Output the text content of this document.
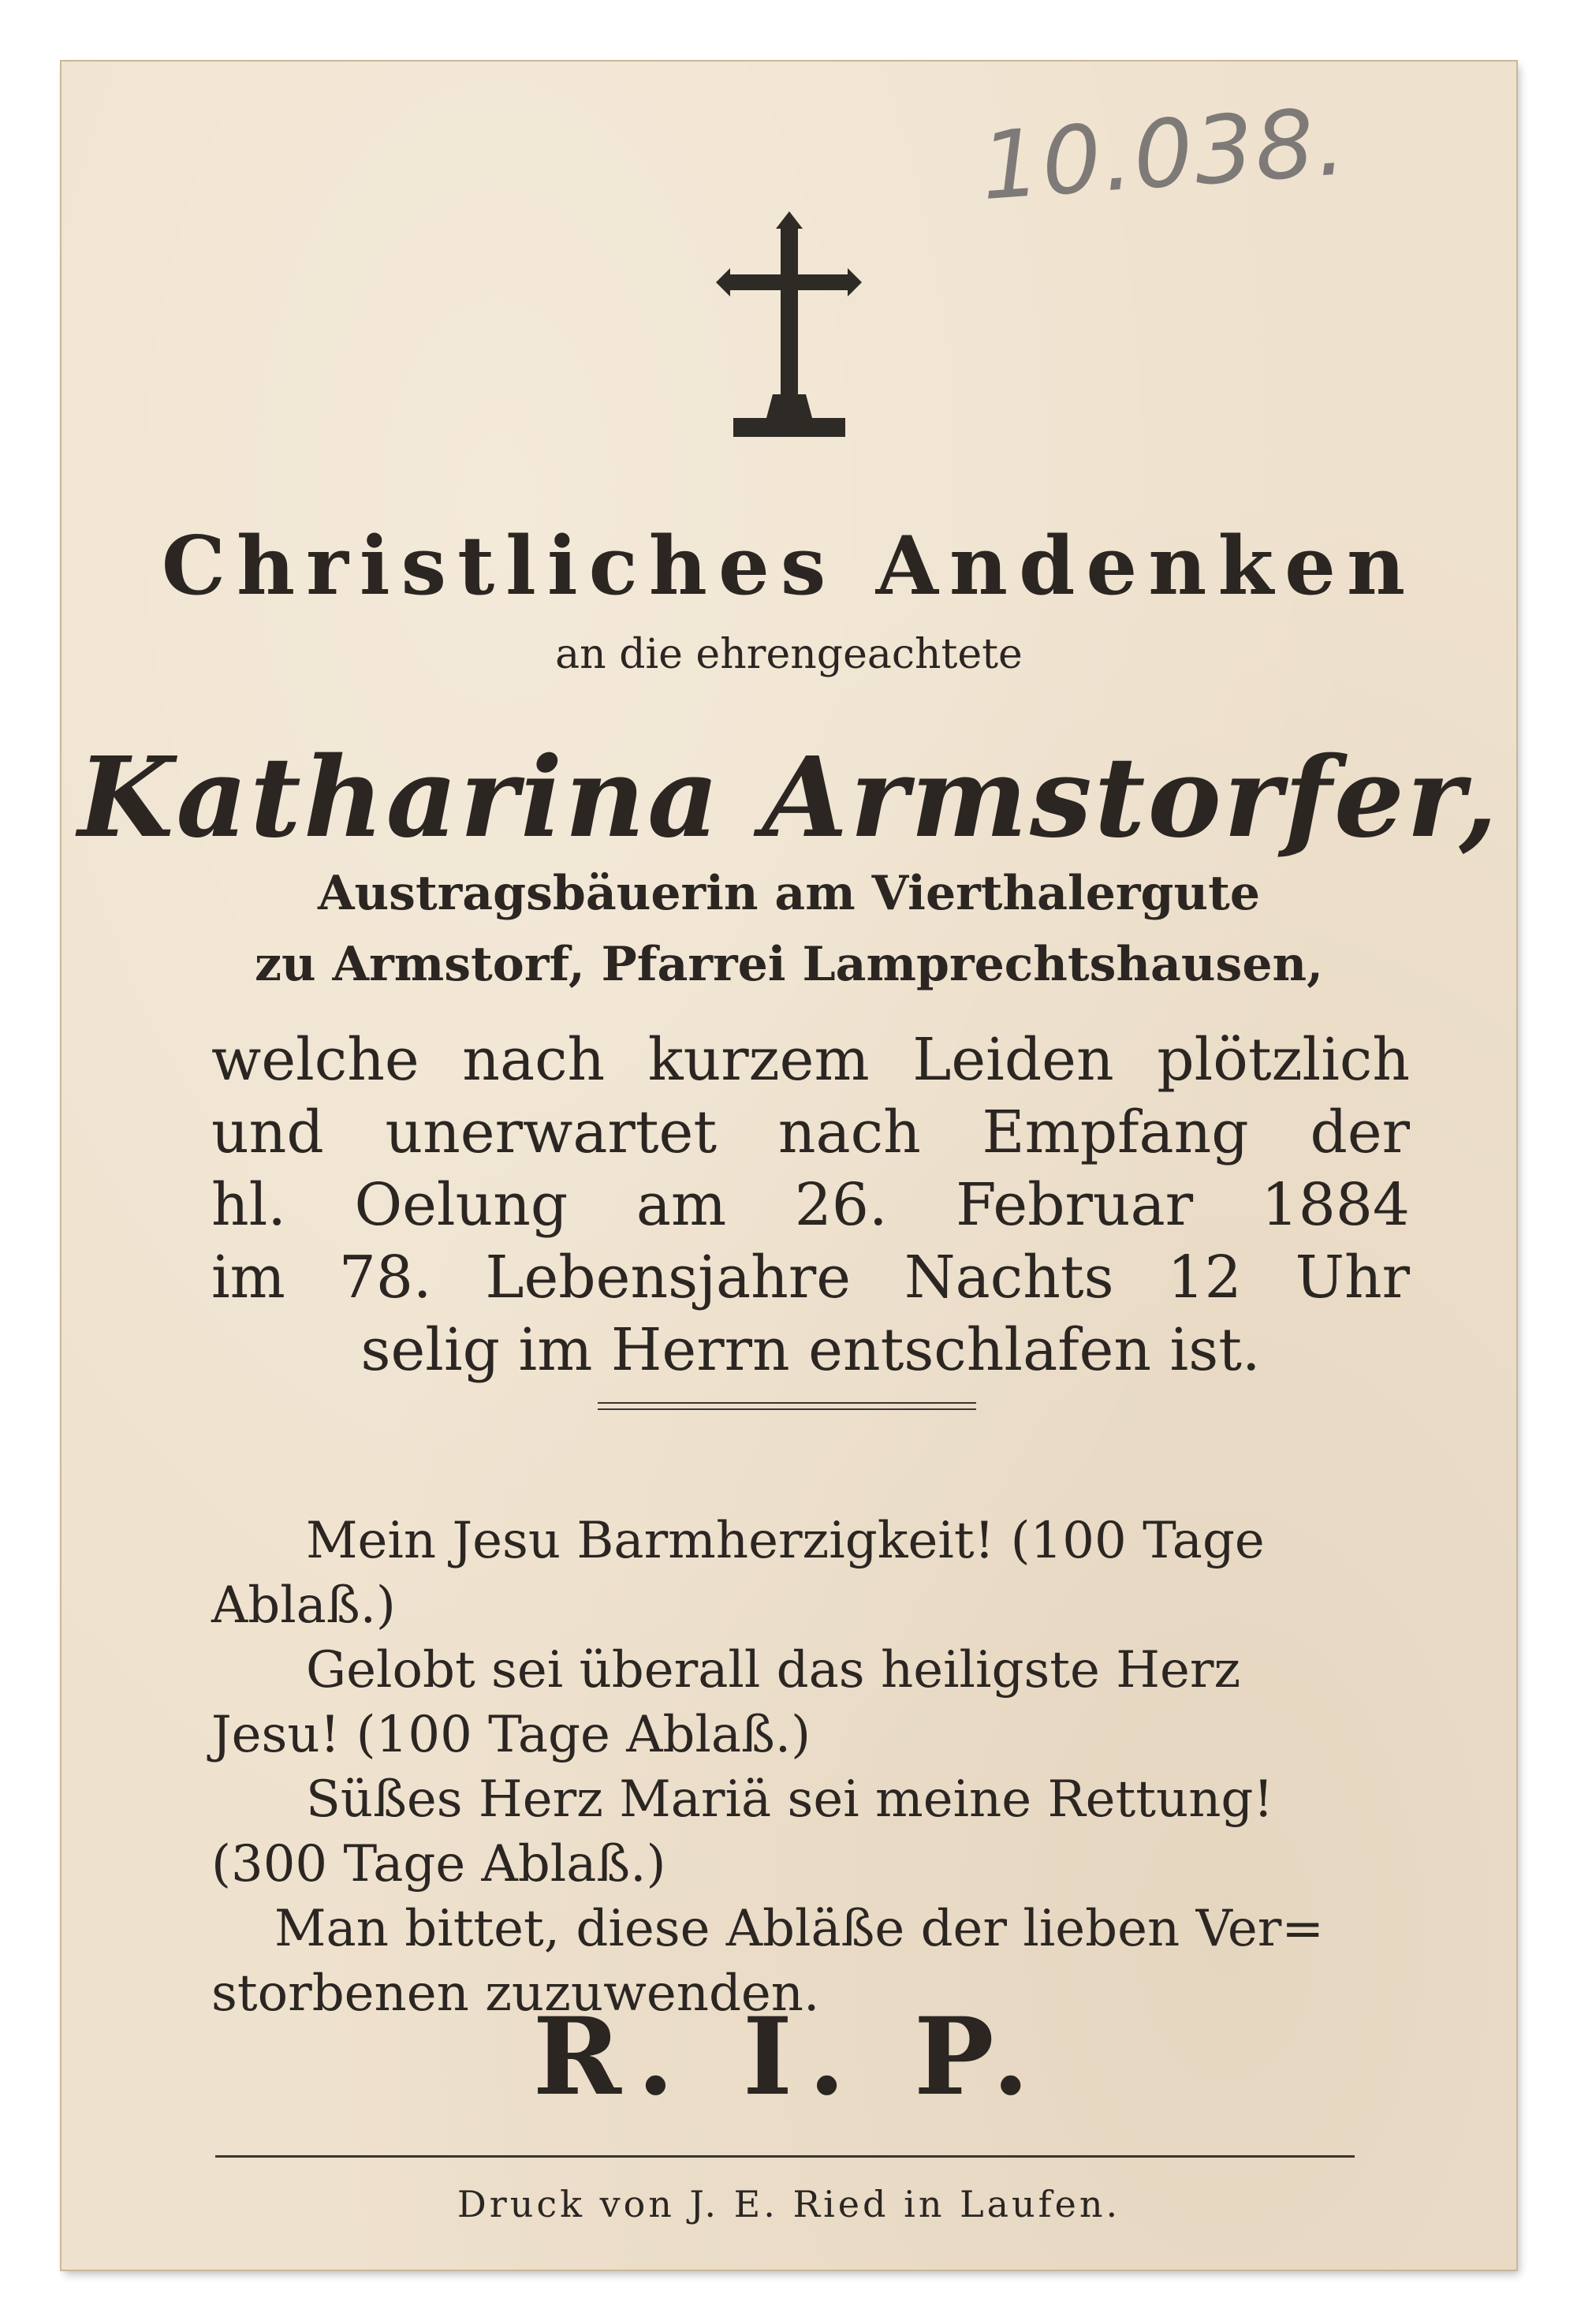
10.038.
Christliches Andenken
an die ehrengeachtete
Katharina Armstorfer,
Austragsbäuerin am Vierthalergute
zu Armstorf, Pfarrei Lamprechtshausen,
welche nach kurzem Leiden plötzlich
und unerwartet nach Empfang der
hl. Oelung am 26. Februar 1884
im 78. Lebensjahre Nachts 12 Uhr
selig im Herrn entschlafen ist.
Mein Jesu Barmherzigkeit! (100 Tage
Ablaß.)
Gelobt sei überall das heiligste Herz
Jesu! (100 Tage Ablaß.)
Süßes Herz Mariä sei meine Rettung!
(300 Tage Ablaß.)
Man bittet, diese Abläße der lieben Ver=
storbenen zuzuwenden.
R. I. P.
Druck von J. E. Ried in Laufen.
